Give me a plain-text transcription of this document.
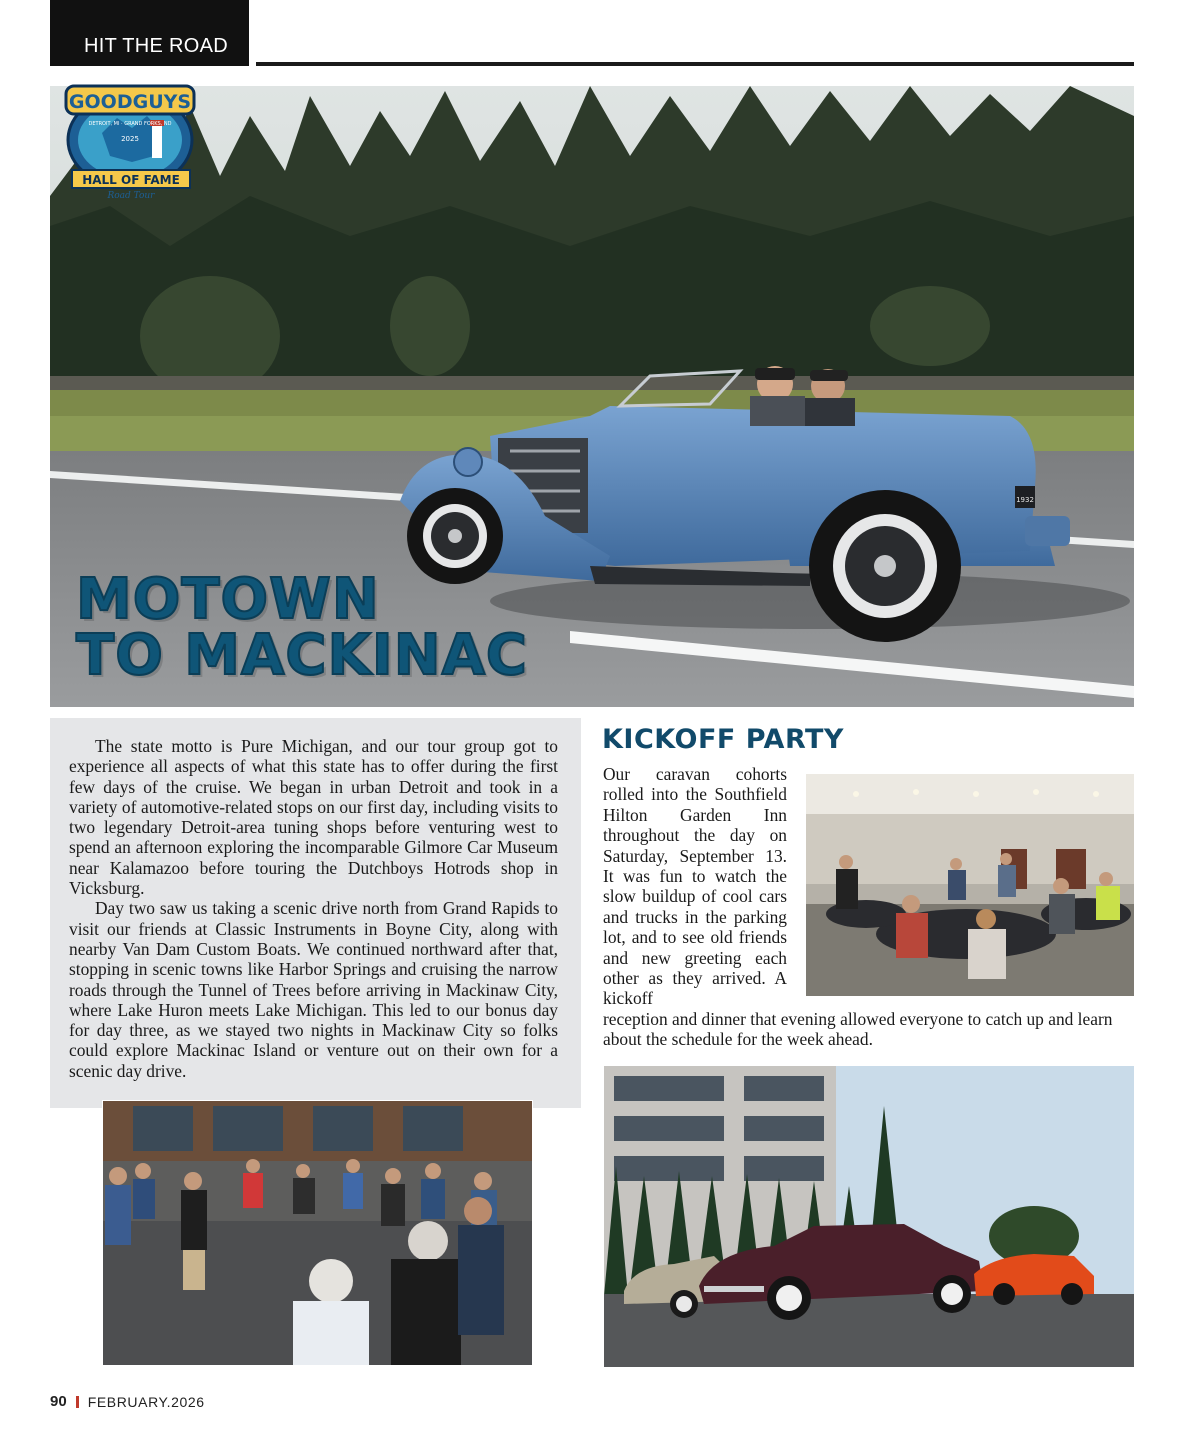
HIT THE ROAD
1932
GOODGUYS
DETROIT, MI · GRAND FORKS, ND
2025
HALL OF FAME
Road Tour
MOTOWN
TO MACKINAC

The state motto is Pure Michigan, and our tour group got to experience all aspects of what this state has to offer during the first few days of the cruise. We began in urban Detroit and took in a variety of automotive-related stops on our first day, including visits to two legendary Detroit-area tuning shops before venturing west to spend an afternoon exploring the incomparable Gilmore Car Museum near Kalamazoo before touring the Dutchboys Hotrods shop in Vicksburg.

Day two saw us taking a scenic drive north from Grand Rapids to visit our friends at Classic Instruments in Boyne City, along with nearby Van Dam Custom Boats. We continued northward after that, stopping in scenic towns like Harbor Springs and cruising the narrow roads through the Tunnel of Trees before arriving in Mackinaw City, where Lake Huron meets Lake Michigan. This led to our bonus day for day three, as we stayed two nights in Mackinaw City so folks could explore Mackinac Island or venture out on their own for a scenic day drive.

KICKOFF PARTY

Our caravan cohorts rolled into the Southfield Hilton Garden Inn throughout the day on Saturday, September 13. It was fun to watch the slow buildup of cool cars and trucks in the parking lot, and to see old friends and new greeting each other as they arrived. A kickoff

reception and dinner that evening allowed everyone to catch up and learn about the schedule for the week ahead.

90 FEBRUARY.2026
